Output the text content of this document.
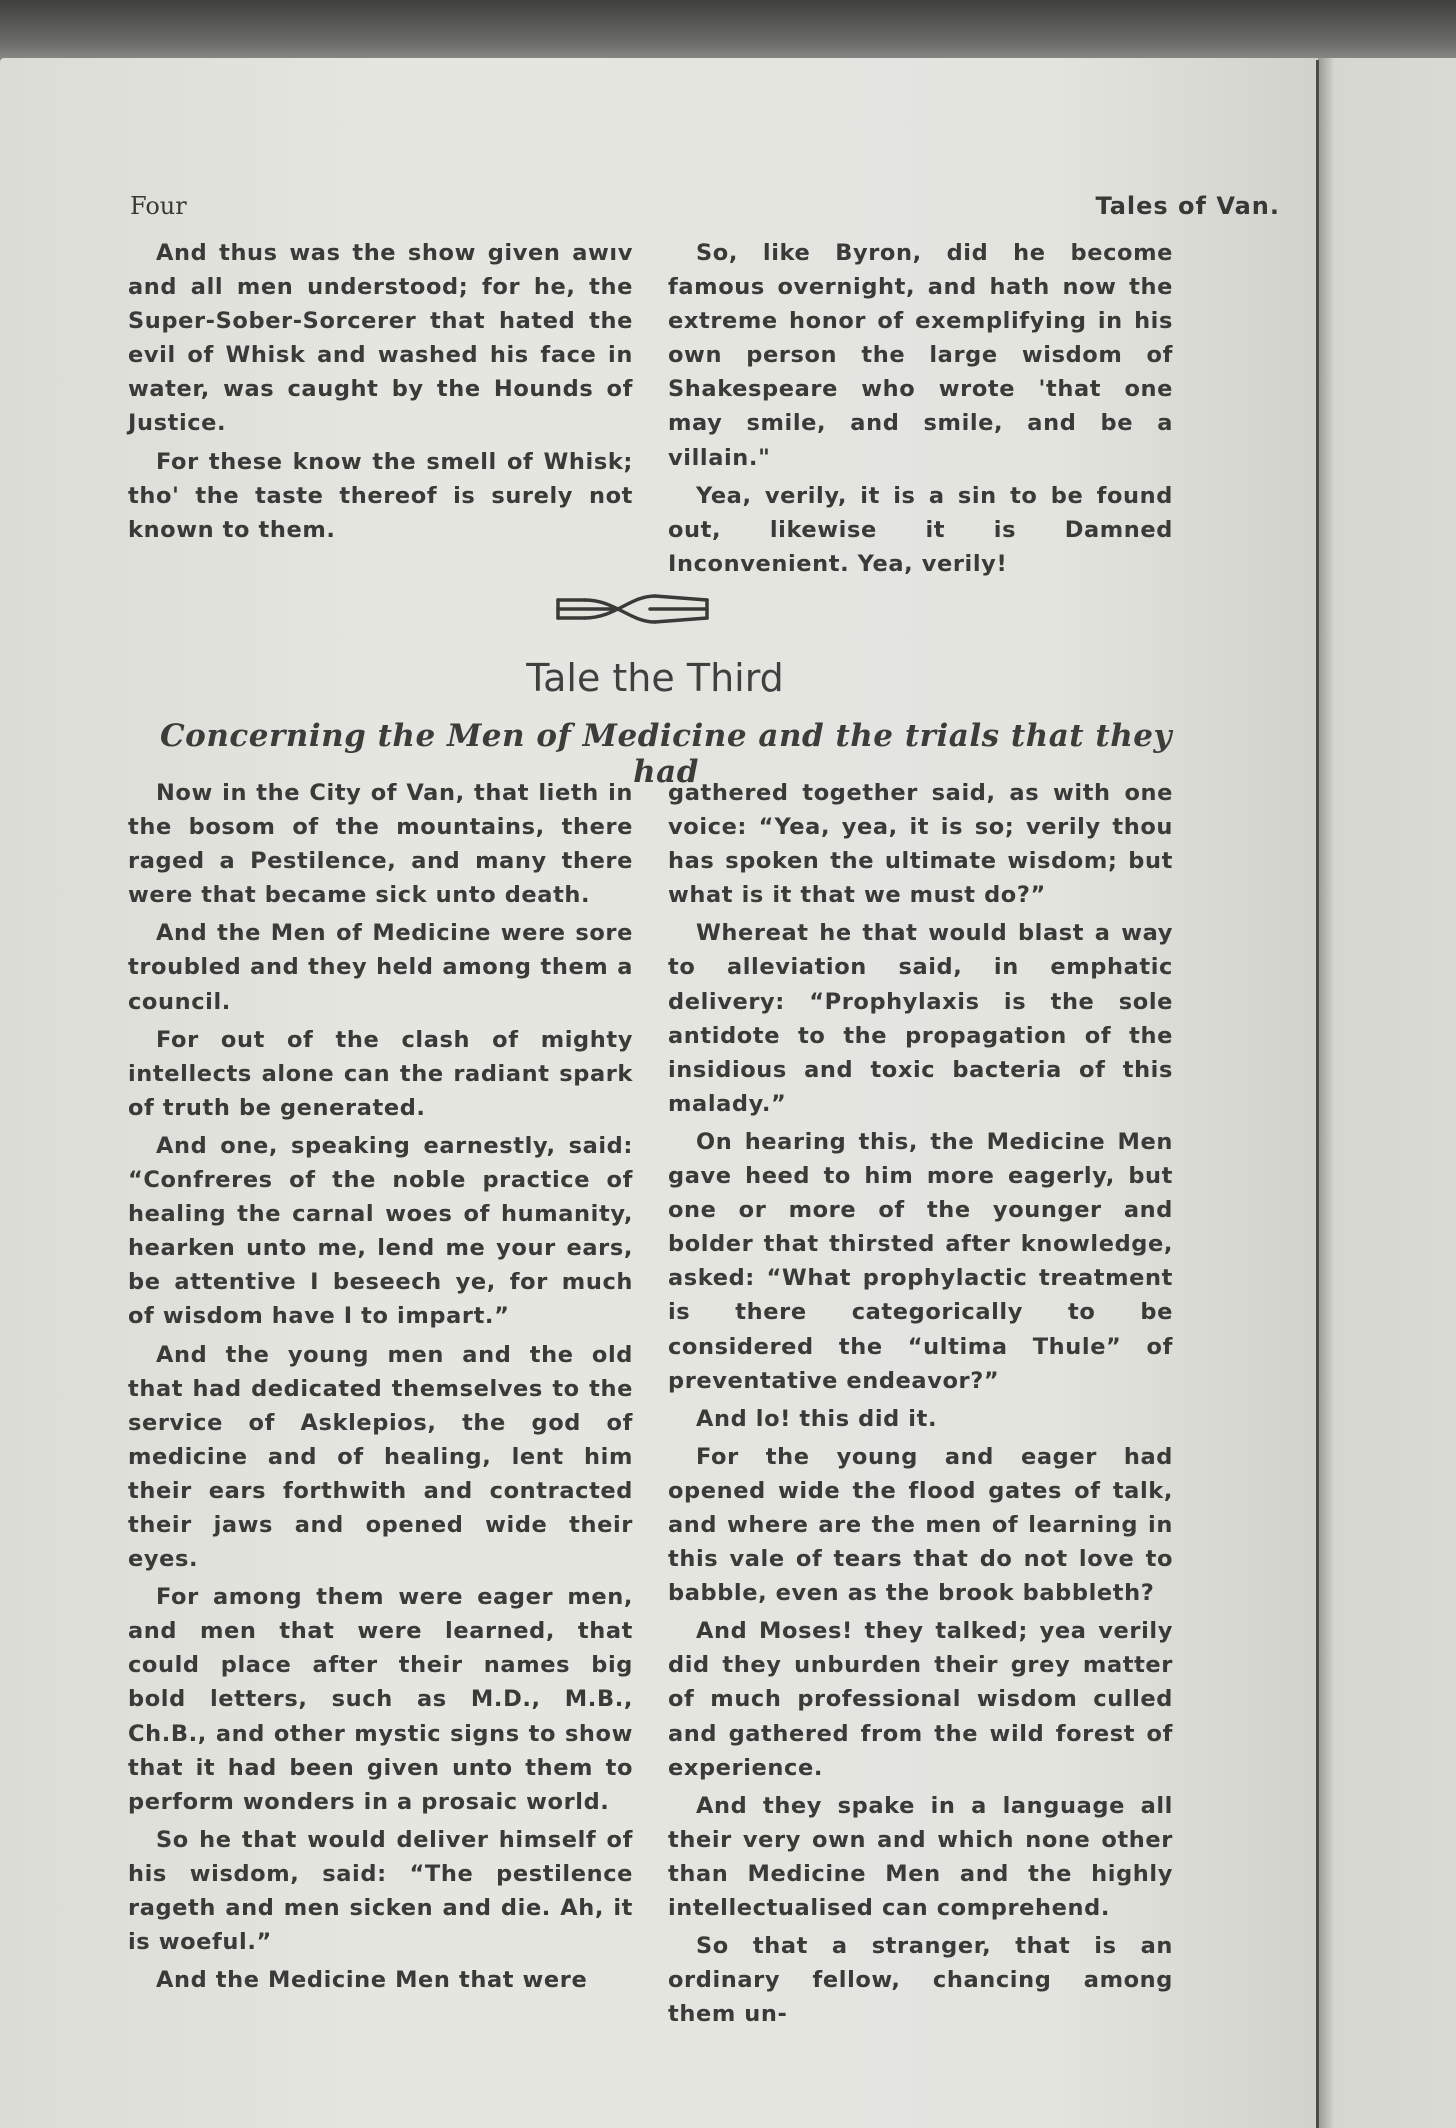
Four	Tales of Van.

And thus was the show given awıv and all men understood; for he, the Super-Sober-Sorcerer that hated the evil of Whisk and washed his face in water, was caught by the Hounds of Justice.

For these know the smell of Whisk; tho' the taste thereof is surely not known to them.

So, like Byron, did he become famous overnight, and hath now the extreme honor of exemplifying in his own person the large wisdom of Shakespeare who wrote 'that one may smile, and smile, and be a villain."

Yea, verily, it is a sin to be found out, likewise it is Damned Inconvenient. Yea, verily!

Tale the Third
Concerning the Men of Medicine and the trials that they had

Now in the City of Van, that lieth in the bosom of the mountains, there raged a Pestilence, and many there were that became sick unto death.

And the Men of Medicine were sore troubled and they held among them a council.

For out of the clash of mighty intellects alone can the radiant spark of truth be generated.

And one, speaking earnestly, said: “Confreres of the noble practice of healing the carnal woes of humanity, hearken unto me, lend me your ears, be attentive I beseech ye, for much of wisdom have I to impart.”

And the young men and the old that had dedicated themselves to the service of Asklepios, the god of medicine and of healing, lent him their ears forthwith and contracted their jaws and opened wide their eyes.

For among them were eager men, and men that were learned, that could place after their names big bold letters, such as M.D., M.B., Ch.B., and other mystic signs to show that it had been given unto them to perform wonders in a prosaic world.

So he that would deliver himself of his wisdom, said: “The pestilence rageth and men sicken and die. Ah, it is woeful.”

And the Medicine Men that were

gathered together said, as with one voice: “Yea, yea, it is so; verily thou has spoken the ultimate wisdom; but what is it that we must do?”

Whereat he that would blast a way to alleviation said, in emphatic delivery: “Prophylaxis is the sole antidote to the propagation of the insidious and toxic bacteria of this malady.”

On hearing this, the Medicine Men gave heed to him more eagerly, but one or more of the younger and bolder that thirsted after knowledge, asked: “What prophylactic treatment is there categorically to be considered the “ultima Thule” of preventative endeavor?”

And lo! this did it.

For the young and eager had opened wide the flood gates of talk, and where are the men of learning in this vale of tears that do not love to babble, even as the brook babbleth?

And Moses! they talked; yea verily did they unburden their grey matter of much professional wisdom culled and gathered from the wild forest of experience.

And they spake in a language all their very own and which none other than Medicine Men and the highly intellectualised can comprehend.

So that a stranger, that is an ordinary fellow, chancing among them un-
